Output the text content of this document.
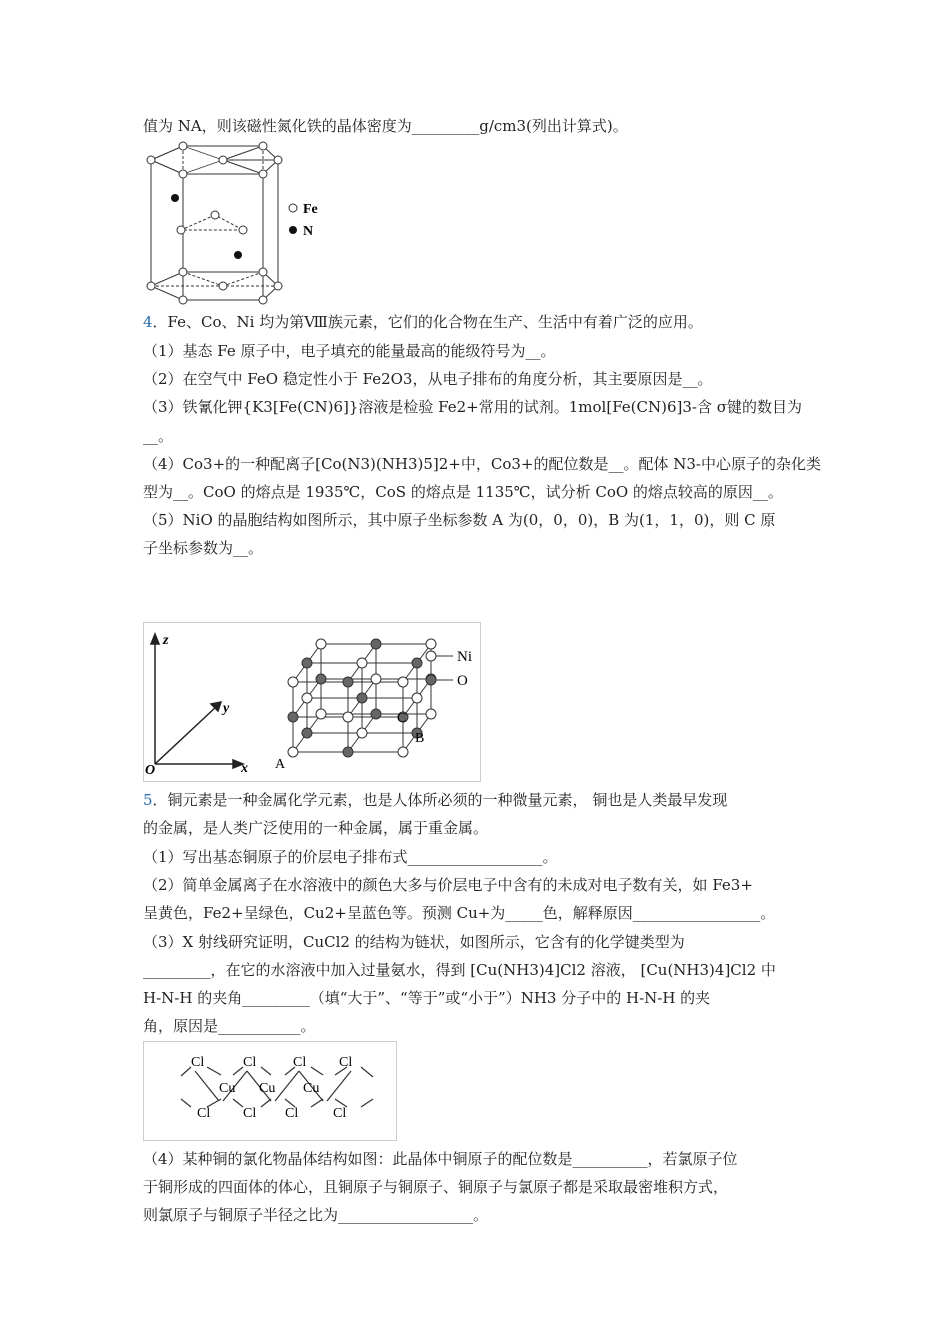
值为 NA，则该磁性氮化铁的晶体密度为_________g/cm3(列出计算式)。
Fe
N
4．Fe、Co、Ni 均为第Ⅷ族元素，它们的化合物在生产、生活中有着广泛的应用。
（1）基态 Fe 原子中，电子填充的能量最高的能级符号为__。
（2）在空气中 FeO 稳定性小于 Fe2O3，从电子排布的角度分析，其主要原因是__。
（3）铁氰化钾{K3[Fe(CN)6]}溶液是检验 Fe2+常用的试剂。1mol[Fe(CN)6]3-含 σ键的数目为
__。
（4）Co3+的一种配离子[Co(N3)(NH3)5]2+中，Co3+的配位数是__。配体 N3-中心原子的杂化类
型为__。CoO 的熔点是 1935℃，CoS 的熔点是 1135℃，试分析 CoO 的熔点较高的原因__。
（5）NiO 的晶胞结构如图所示，其中原子坐标参数 A 为(0，0，0)，B 为(1，1，0)，则 C 原
子坐标参数为__。
z
y
x
O	A
B
C
Ni
O
5．铜元素是一种金属化学元素，也是人体所必须的一种微量元素， 铜也是人类最早发现
的金属，是人类广泛使用的一种金属，属于重金属。
（1）写出基态铜原子的价层电子排布式__________________。
（2）简单金属离子在水溶液中的颜色大多与价层电子中含有的未成对电子数有关，如 Fe3+
呈黄色，Fe2+呈绿色，Cu2+呈蓝色等。预测 Cu+为_____色，解释原因_________________。
（3）X 射线研究证明，CuCl2 的结构为链状，如图所示，它含有的化学键类型为
_________，在它的水溶液中加入过量氨水，得到 [Cu(NH3)4]Cl2 溶液， [Cu(NH3)4]Cl2 中
H-N-H 的夹角_________（填“大于”、“等于”或“小于”）NH3 分子中的 H-N-H 的夹
角，原因是___________。
Cl	Cl	Cl Cl
Cu Cu Cu
Cl Cl Cl Cl
（4）某种铜的氯化物晶体结构如图：此晶体中铜原子的配位数是__________，若氯原子位
于铜形成的四面体的体心，且铜原子与铜原子、铜原子与氯原子都是采取最密堆积方式，
则氯原子与铜原子半径之比为__________________。
